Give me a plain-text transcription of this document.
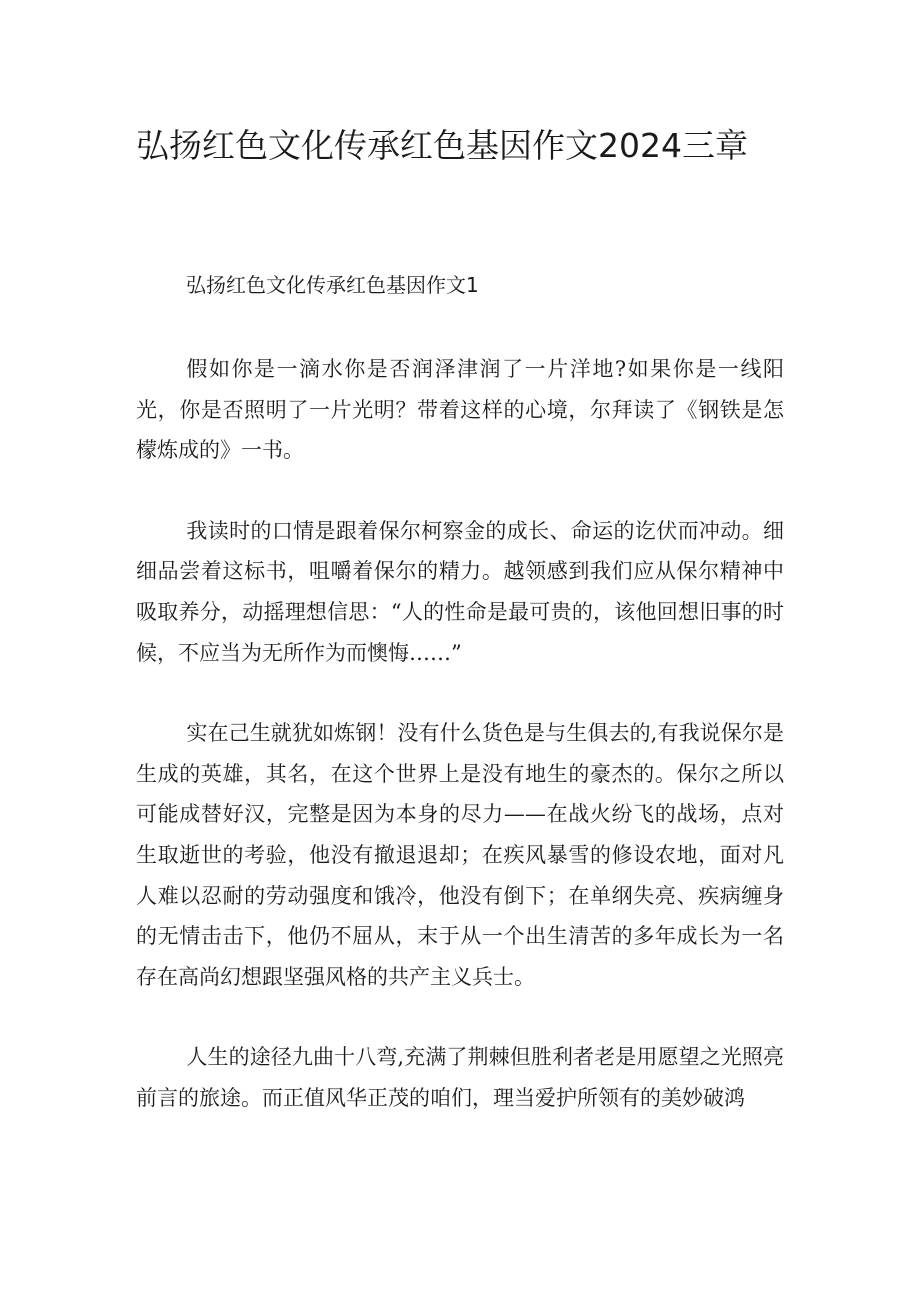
弘扬红色文化传承红色基因作文2024三章
弘扬红色文化传承红色基因作文1

假如你是一滴水你是否润泽津润了一片洋地?如果你是一线阳光，你是否照明了一片光明？带着这样的心境，尔拜读了《钢铁是怎檬炼成的》一书。

我读时的口情是跟着保尔柯察金的成长、命运的讫伏而冲动。细细品尝着这标书，咀嚼着保尔的精力。越领感到我们应从保尔精神中吸取养分，动摇理想信思：“人的性命是最可贵的，该他回想旧事的时候，不应当为无所作为而懊悔……”

实在己生就犹如炼钢！没有什么货色是与生俱去的,有我说保尔是生成的英雄，其名，在这个世界上是没有地生的豪杰的。保尔之所以可能成替好汉，完整是因为本身的尽力——在战火纷飞的战场，点对生取逝世的考验，他没有撤退退却；在疾风暴雪的修设农地，面对凡人难以忍耐的劳动强度和饿冷，他没有倒下；在单纲失亮、疾病缠身的无情击击下，他仍不屈从，末于从一个出生清苦的多年成长为一名存在高尚幻想跟坚强风格的共产主义兵士。

人生的途径九曲十八弯,充满了荆棘但胜利者老是用愿望之光照亮前言的旅途。而正值风华正茂的咱们，理当爱护所领有的美妙破鸿
